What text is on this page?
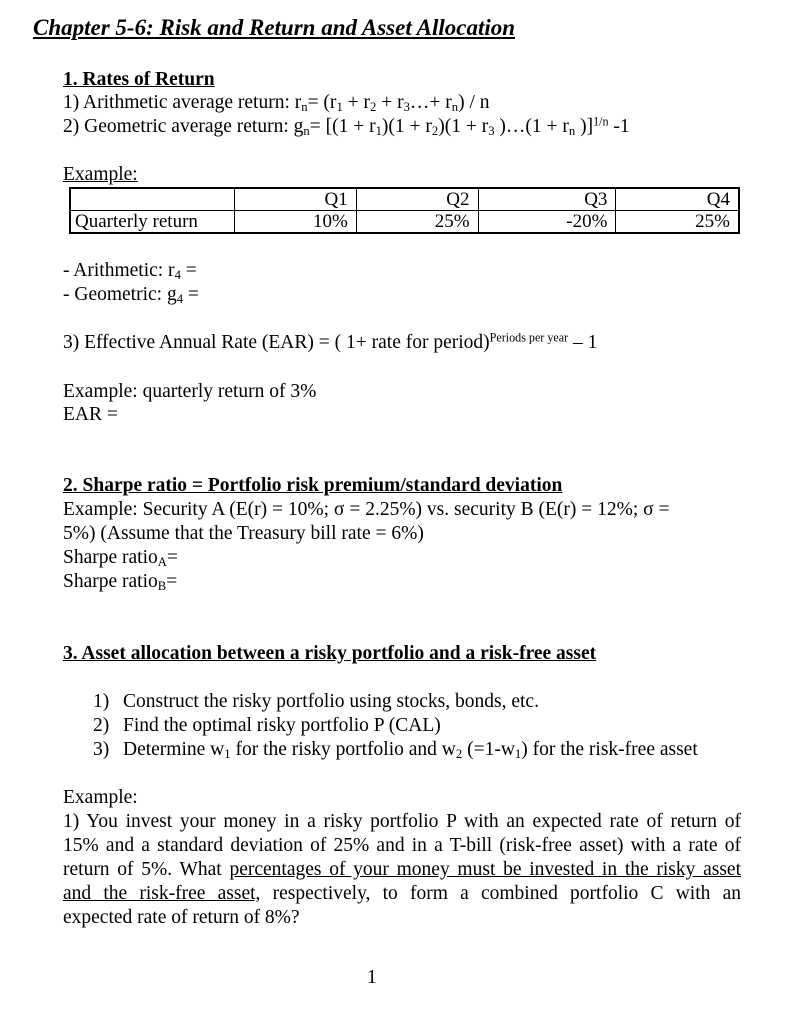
Chapter 5-6: Risk and Return and Asset Allocation
1. Rates of Return
1) Arithmetic average return: $r_n= (r_1 + r_2$ + $r_3\dots+ r_n) / n$
2) Geometric average return: $g_n= [(1 + r_1)(1 + r_2)(1 + r_3$ )…(1 + $r_n$ )]$^{1/n}$ -1
Example:
	Q1	Q2	Q3	Q4
Quarterly return	10%	25%	-20%	25%
- Arithmetic: $r_4$ =
- Geometric: $g_4$ =
3) Effective Annual Rate (EAR) = ( 1+ rate for period)$^{Periods per year}$ – 1
Example: quarterly return of 3%
EAR =
2. Sharpe ratio = Portfolio risk premium/standard deviation
Example: Security A (E(r) = 10%; σ = 2.25%) vs. security B (E(r) = 12%; σ =
5%) (Assume that the Treasury bill rate = 6%)
Sharpe ratio$_A$=
Sharpe ratio$_B$=
3. Asset allocation between a risky portfolio and a risk-free asset
1) Construct the risky portfolio using stocks, bonds, etc.
2) Find the optimal risky portfolio P (CAL)
3) Determine $w_1$ for the risky portfolio and $w_2$ $(=1-w_1)$ for the risk-free asset
Example:
1) You invest your money in a risky portfolio P with an expected rate of return of
15% and a standard deviation of 25% and in a T-bill (risk-free asset) with a rate of
return of 5%. What percentages of your money must be invested in the risky asset
and the risk-free asset, respectively, to form a combined portfolio C with an
expected rate of return of 8%?
1
